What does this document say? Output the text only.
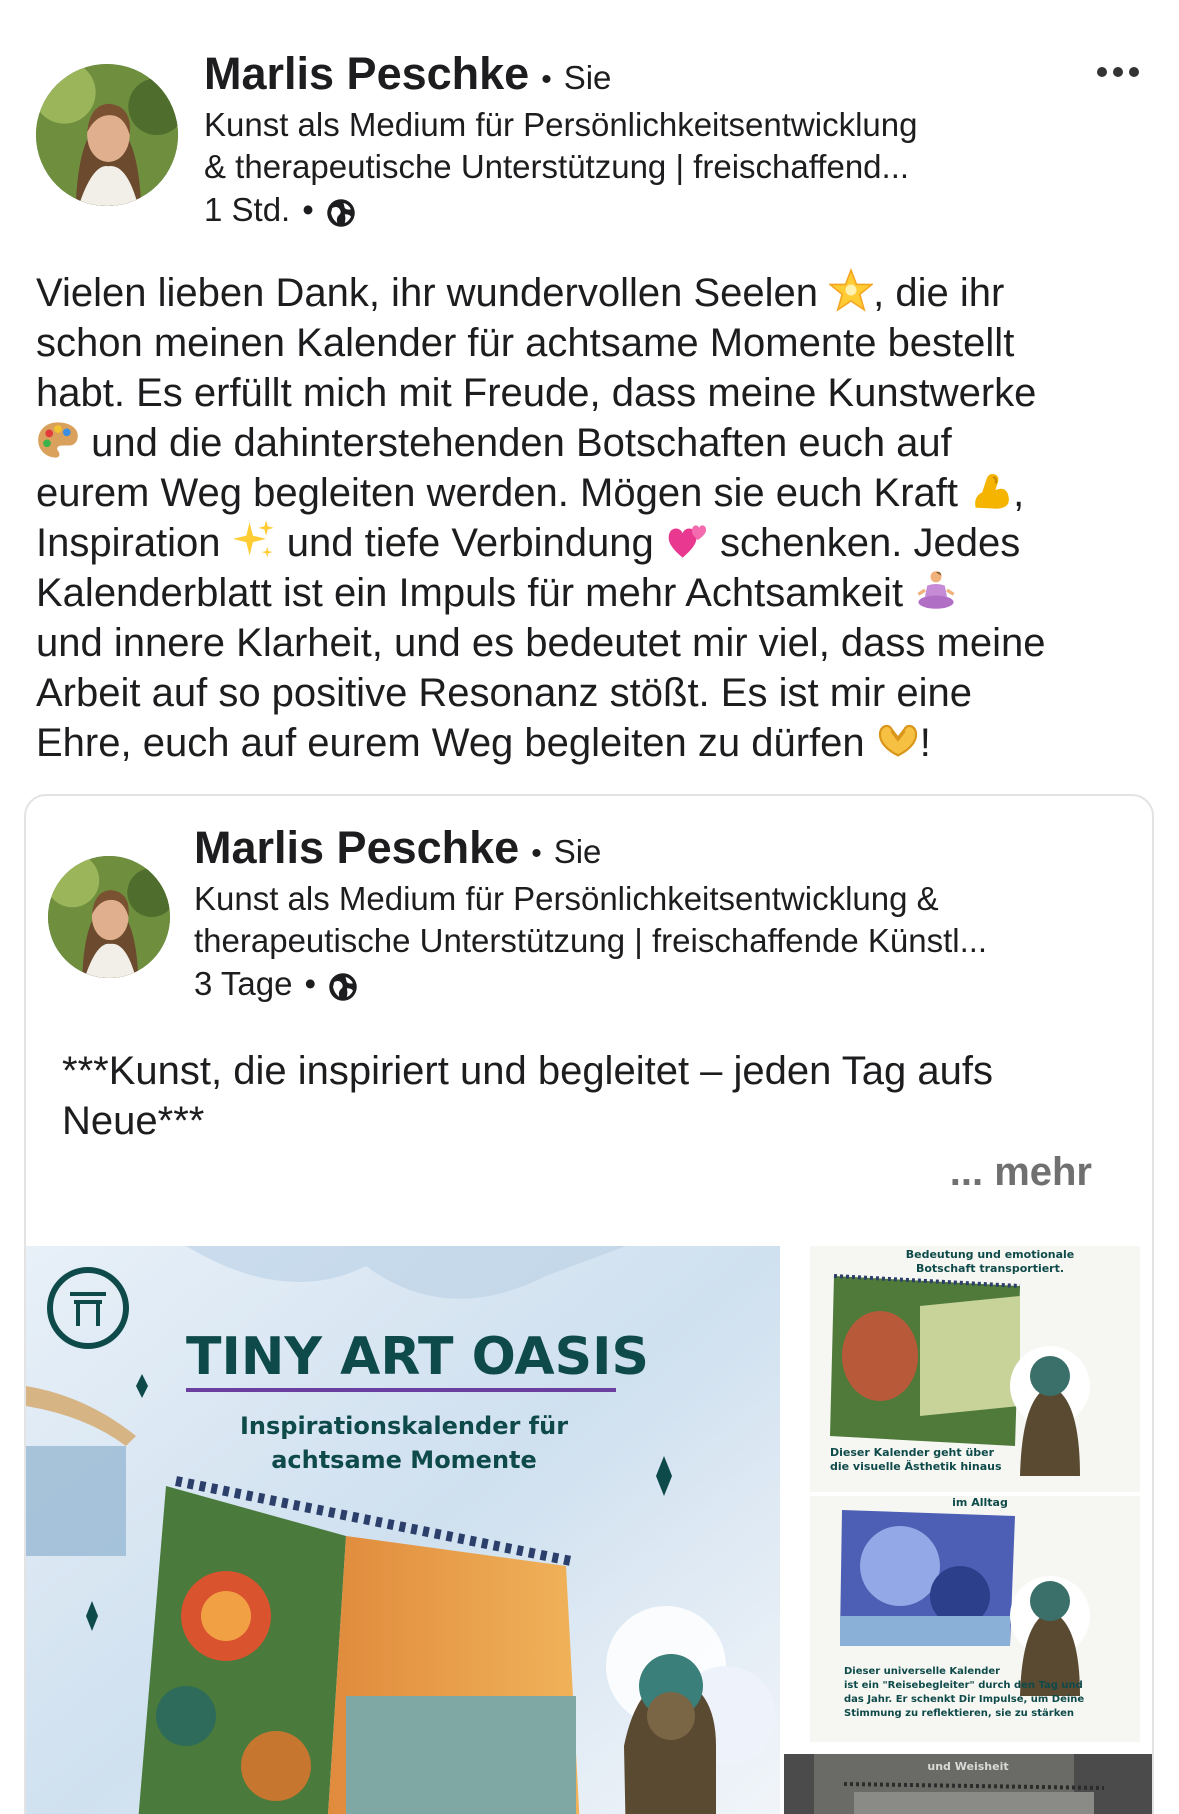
Marlis Peschke • Sie
Kunst als Medium für Persönlichkeitsentwicklung
& therapeutische Unterstützung | freischaffend...
1 Std. •
Vielen lieben Dank, ihr wundervollen Seelen , die ihr
schon meinen Kalender für achtsame Momente bestellt
habt. Es erfüllt mich mit Freude, dass meine Kunstwerke
und die dahinterstehenden Botschaften euch auf
eurem Weg begleiten werden. Mögen sie euch Kraft ,
Inspiration  und tiefe Verbindung  schenken. Jedes
Kalenderblatt ist ein Impuls für mehr Achtsamkeit
und innere Klarheit, und es bedeutet mir viel, dass meine
Arbeit auf so positive Resonanz stößt. Es ist mir eine
Ehre, euch auf eurem Weg begleiten zu dürfen !
Marlis Peschke • Sie
Kunst als Medium für Persönlichkeitsentwicklung &
therapeutische Unterstützung | freischaffende Künstl...
3 Tage •
***Kunst, die inspiriert und begleitet – jeden Tag aufs
Neue***
... mehr
TINY ART OASIS
Inspirationskalender für
achtsame Momente
Bedeutung und emotionale
Botschaft transportiert.
Dieser Kalender geht über
die visuelle Ästhetik hinaus
im Alltag
Dieser universelle Kalender
ist ein "Reisebegleiter" durch den Tag und
das Jahr. Er schenkt Dir Impulse, um Deine
Stimmung zu reflektieren, sie zu stärken
und Weisheit
